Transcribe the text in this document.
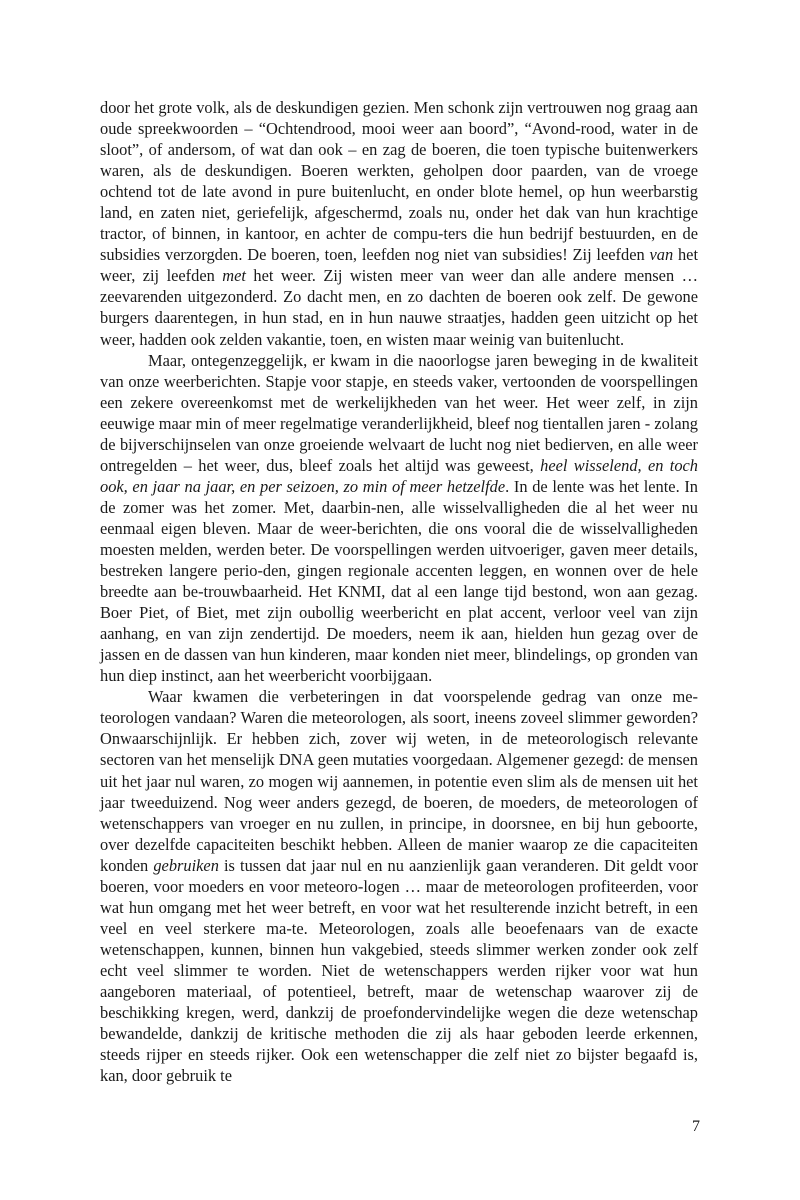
door het grote volk, als de deskundigen gezien. Men schonk zijn vertrouwen nog graag aan oude spreekwoorden – “Ochtendrood, mooi weer aan boord”, “Avond-rood, water in de sloot”, of andersom, of wat dan ook – en zag de boeren, die toen typische buitenwerkers waren, als de deskundigen. Boeren werkten, geholpen door paarden, van de vroege ochtend tot de late avond in pure buitenlucht, en onder blote hemel, op hun weerbarstig land, en zaten niet, geriefelijk, afgeschermd, zoals nu, onder het dak van hun krachtige tractor, of binnen, in kantoor, en achter de compu-ters die hun bedrijf bestuurden, en de subsidies verzorgden. De boeren, toen, leefden nog niet van subsidies! Zij leefden van het weer, zij leefden met het weer. Zij wisten meer van weer dan alle andere mensen … zeevarenden uitgezonderd. Zo dacht men, en zo dachten de boeren ook zelf. De gewone burgers daarentegen, in hun stad, en in hun nauwe straatjes, hadden geen uitzicht op het weer, hadden ook zelden vakantie, toen, en wisten maar weinig van buitenlucht.

Maar, ontegenzeggelijk, er kwam in die naoorlogse jaren beweging in de kwaliteit van onze weerberichten. Stapje voor stapje, en steeds vaker, vertoonden de voorspellingen een zekere overeenkomst met de werkelijkheden van het weer. Het weer zelf, in zijn eeuwige maar min of meer regelmatige veranderlijkheid, bleef nog tientallen jaren - zolang de bijverschijnselen van onze groeiende welvaart de lucht nog niet bedierven, en alle weer ontregelden – het weer, dus, bleef zoals het altijd was geweest, heel wisselend, en toch ook, en jaar na jaar, en per seizoen, zo min of meer hetzelfde. In de lente was het lente. In de zomer was het zomer. Met, daarbin-nen, alle wisselvalligheden die al het weer nu eenmaal eigen bleven. Maar de weer-berichten, die ons vooral die de wisselvalligheden moesten melden, werden beter. De voorspellingen werden uitvoeriger, gaven meer details, bestreken langere perio-den, gingen regionale accenten leggen, en wonnen over de hele breedte aan be-trouwbaarheid. Het KNMI, dat al een lange tijd bestond, won aan gezag. Boer Piet, of Biet, met zijn oubollig weerbericht en plat accent, verloor veel van zijn aanhang, en van zijn zendertijd. De moeders, neem ik aan, hielden hun gezag over de jassen en de dassen van hun kinderen, maar konden niet meer, blindelings, op gronden van hun diep instinct, aan het weerbericht voorbijgaan.

Waar kwamen die verbeteringen in dat voorspelende gedrag van onze me-teorologen vandaan? Waren die meteorologen, als soort, ineens zoveel slimmer geworden? Onwaarschijnlijk. Er hebben zich, zover wij weten, in de meteorologisch relevante sectoren van het menselijk DNA geen mutaties voorgedaan. Algemener gezegd: de mensen uit het jaar nul waren, zo mogen wij aannemen, in potentie even slim als de mensen uit het jaar tweeduizend. Nog weer anders gezegd, de boeren, de moeders, de meteorologen of wetenschappers van vroeger en nu zullen, in principe, in doorsnee, en bij hun geboorte, over dezelfde capaciteiten beschikt hebben. Alleen de manier waarop ze die capaciteiten konden gebruiken is tussen dat jaar nul en nu aanzienlijk gaan veranderen. Dit geldt voor boeren, voor moeders en voor meteoro-logen … maar de meteorologen profiteerden, voor wat hun omgang met het weer betreft, en voor wat het resulterende inzicht betreft, in een veel en veel sterkere ma-te. Meteorologen, zoals alle beoefenaars van de exacte wetenschappen, kunnen, binnen hun vakgebied, steeds slimmer werken zonder ook zelf echt veel slimmer te worden. Niet de wetenschappers werden rijker voor wat hun aangeboren materiaal, of potentieel, betreft, maar de wetenschap waarover zij de beschikking kregen, werd, dankzij de proefondervindelijke wegen die deze wetenschap bewandelde, dankzij de kritische methoden die zij als haar geboden leerde erkennen, steeds rijper en steeds rijker. Ook een wetenschapper die zelf niet zo bijster begaafd is, kan, door gebruik te

7
